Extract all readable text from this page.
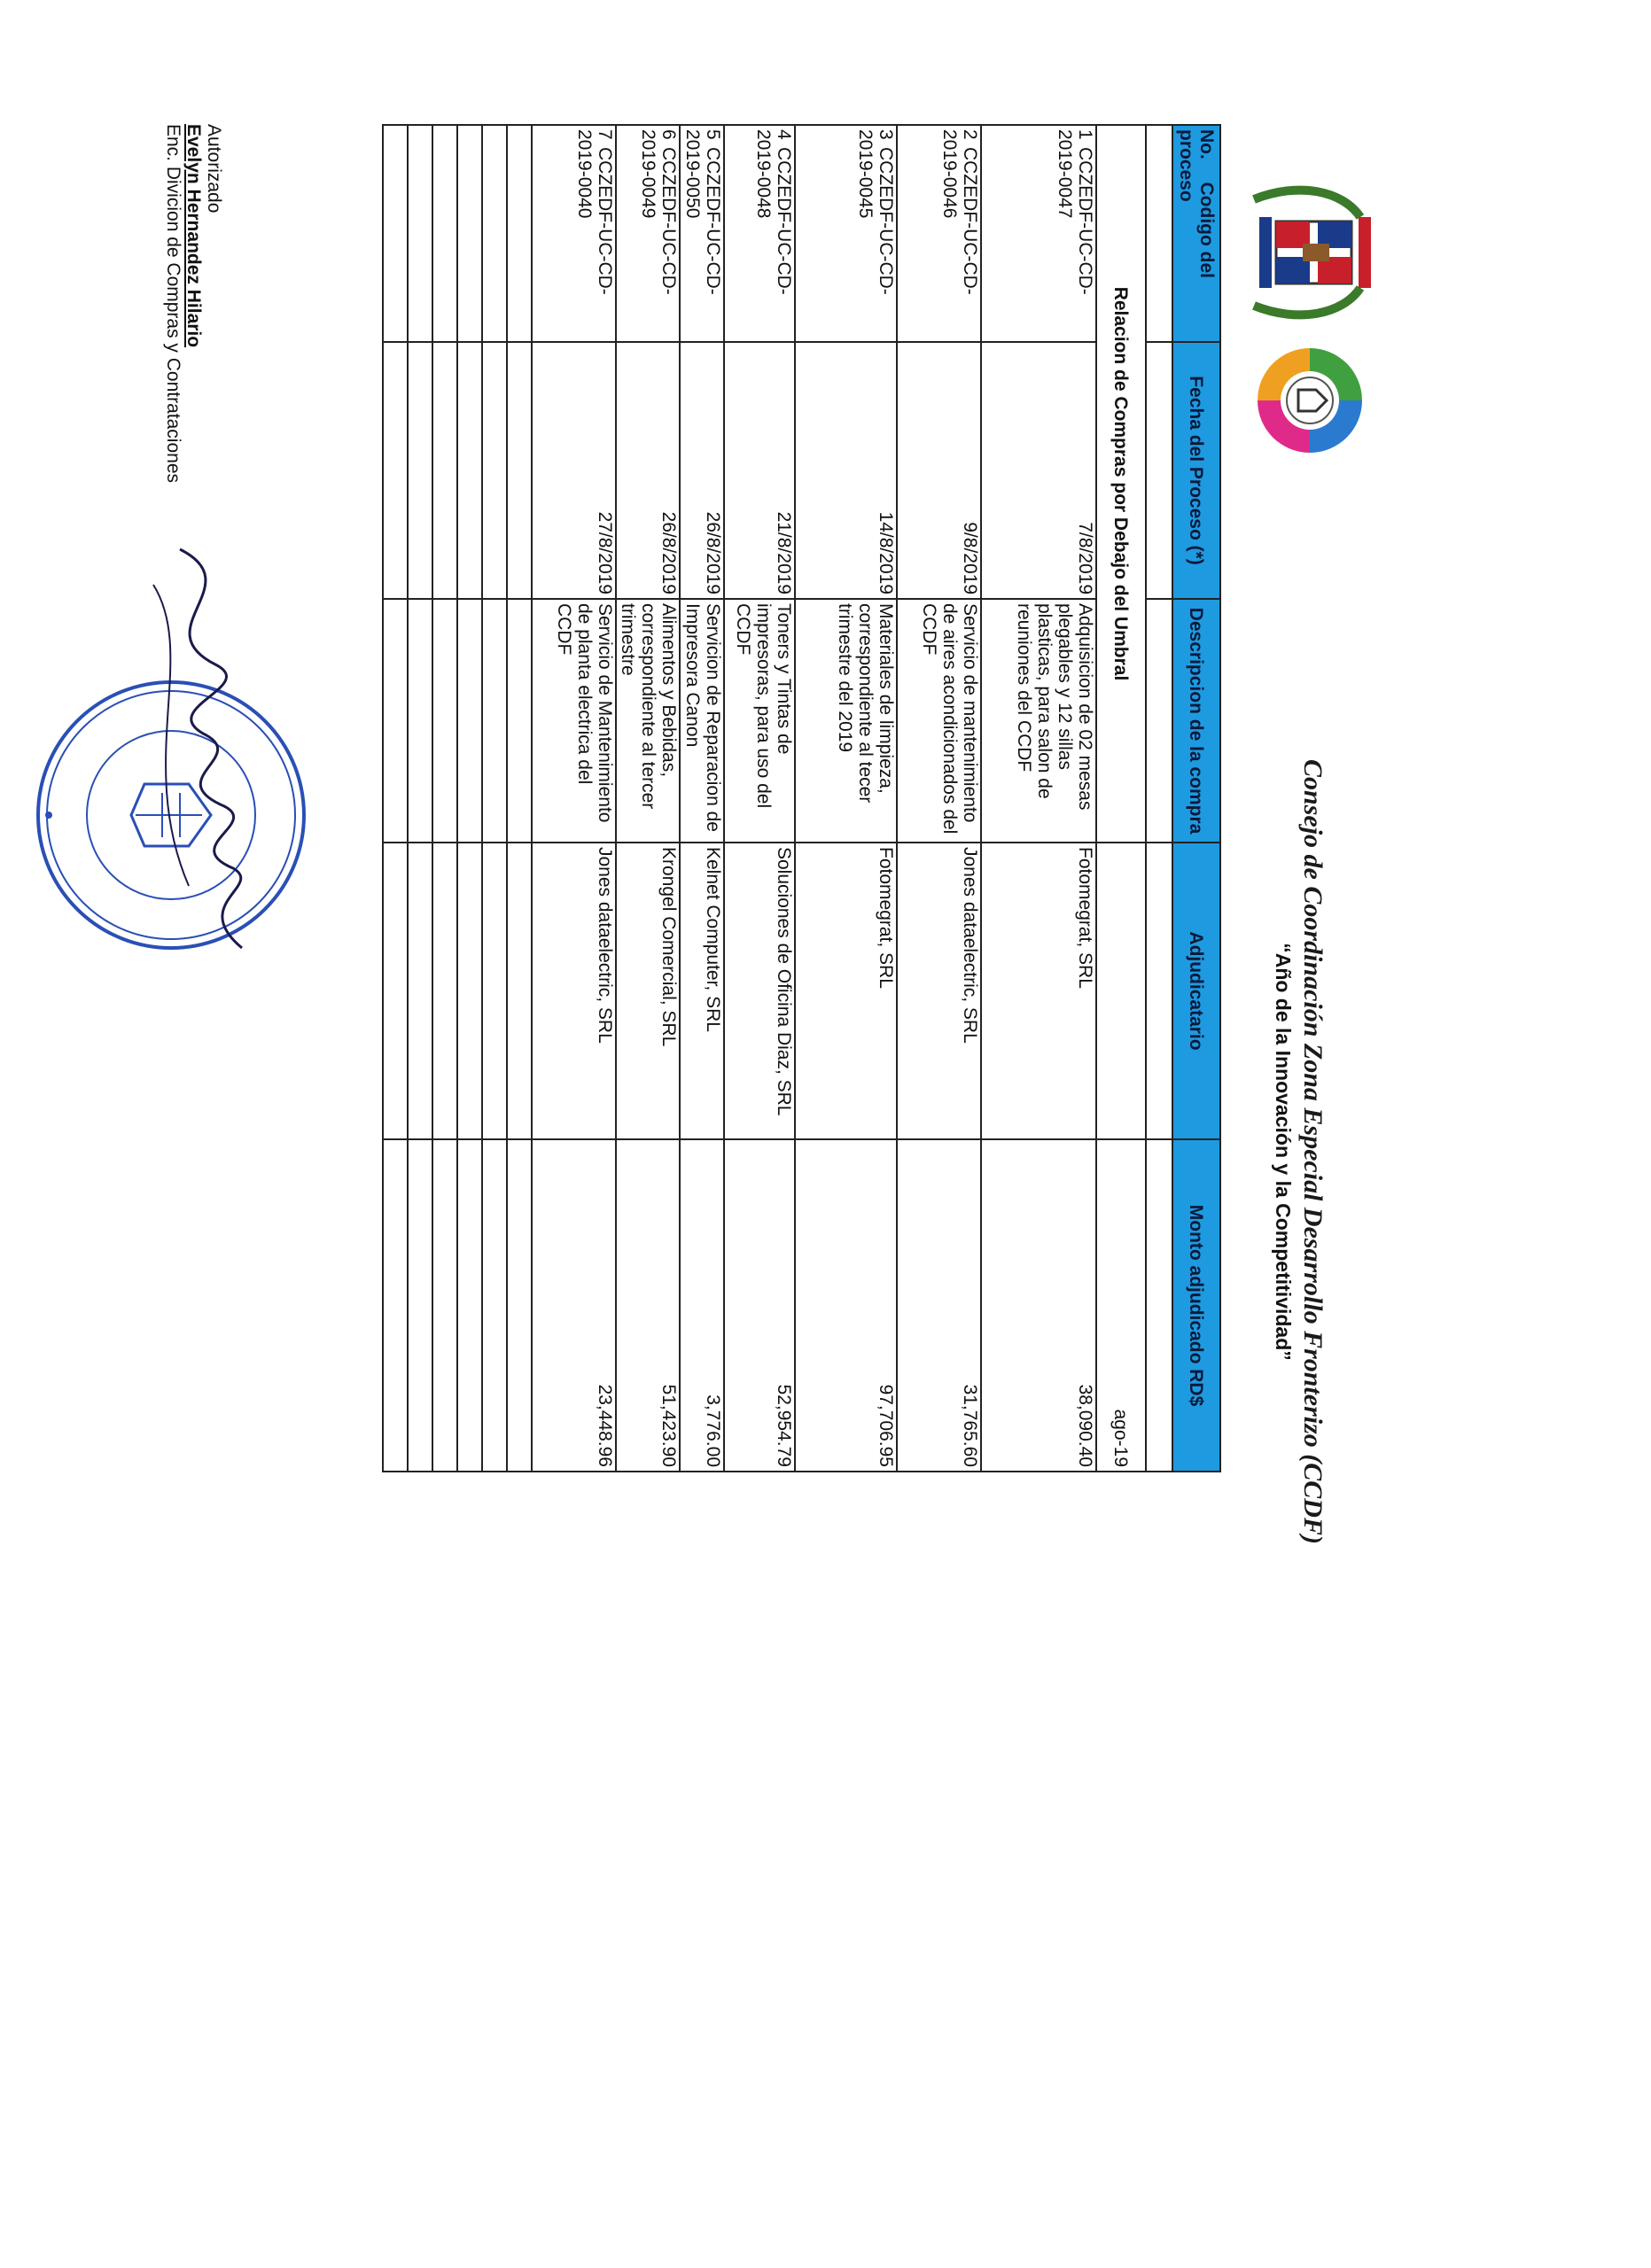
Consejo de Coordinación Zona Especial Desarrollo Fronterizo (CCDF)
“Año de la Innovación y la Competitividad”

Relacion de Compras por Debajo del Umbral				ago-19
No.  Codigo del proceso	Fecha del Proceso (*)	Descripcion de la compra	Adjudicatario	Monto adjudicado RD$

1
CCZEDF-UC-CD-2019-0047	7/8/2019	Adquisicion de 02 mesas plegables y 12 sillas plasticas, para salon de reuniones del CCDF	Fotomegrat, SRL	38,090.40

2
CCZEDF-UC-CD-2019-0046	9/8/2019	Servicio de mantenimiento de aires acondicionados del CCDF	Jones dataelectric, SRL	31,765.60

3
CCZEDF-UC-CD-2019-0045	14/8/2019	Materiales de limpieza, correspondiente al tecer trimestre del 2019	Fotomegrat, SRL	97,706.95

4
CCZEDF-UC-CD-2019-0048	21/8/2019	Toners y Tintas de impresoras, para uso del CCDF	Soluciones de Oficina Diaz, SRL	52,954.79

5
CCZEDF-UC-CD-2019-0050	26/8/2019	Servicion de Reparacion de Impresora Canon	Kelnet Computer, SRL	3,776.00

6
CCZEDF-UC-CD-2019-0049	26/8/2019	Alimentos y Bebidas, correspondiente al tercer trimestre	Krongel Comercial, SRL	51,423.90

7
CCZEDF-UC-CD-2019-0040	27/8/2019	Servicio de Mantenimiento de planta electrica del CCDF	Jones dataelectric, SRL	23,448.96

Autorizado
Evelyn Hernandez Hilario
Enc. Divicion de Compras y Contrataciones
